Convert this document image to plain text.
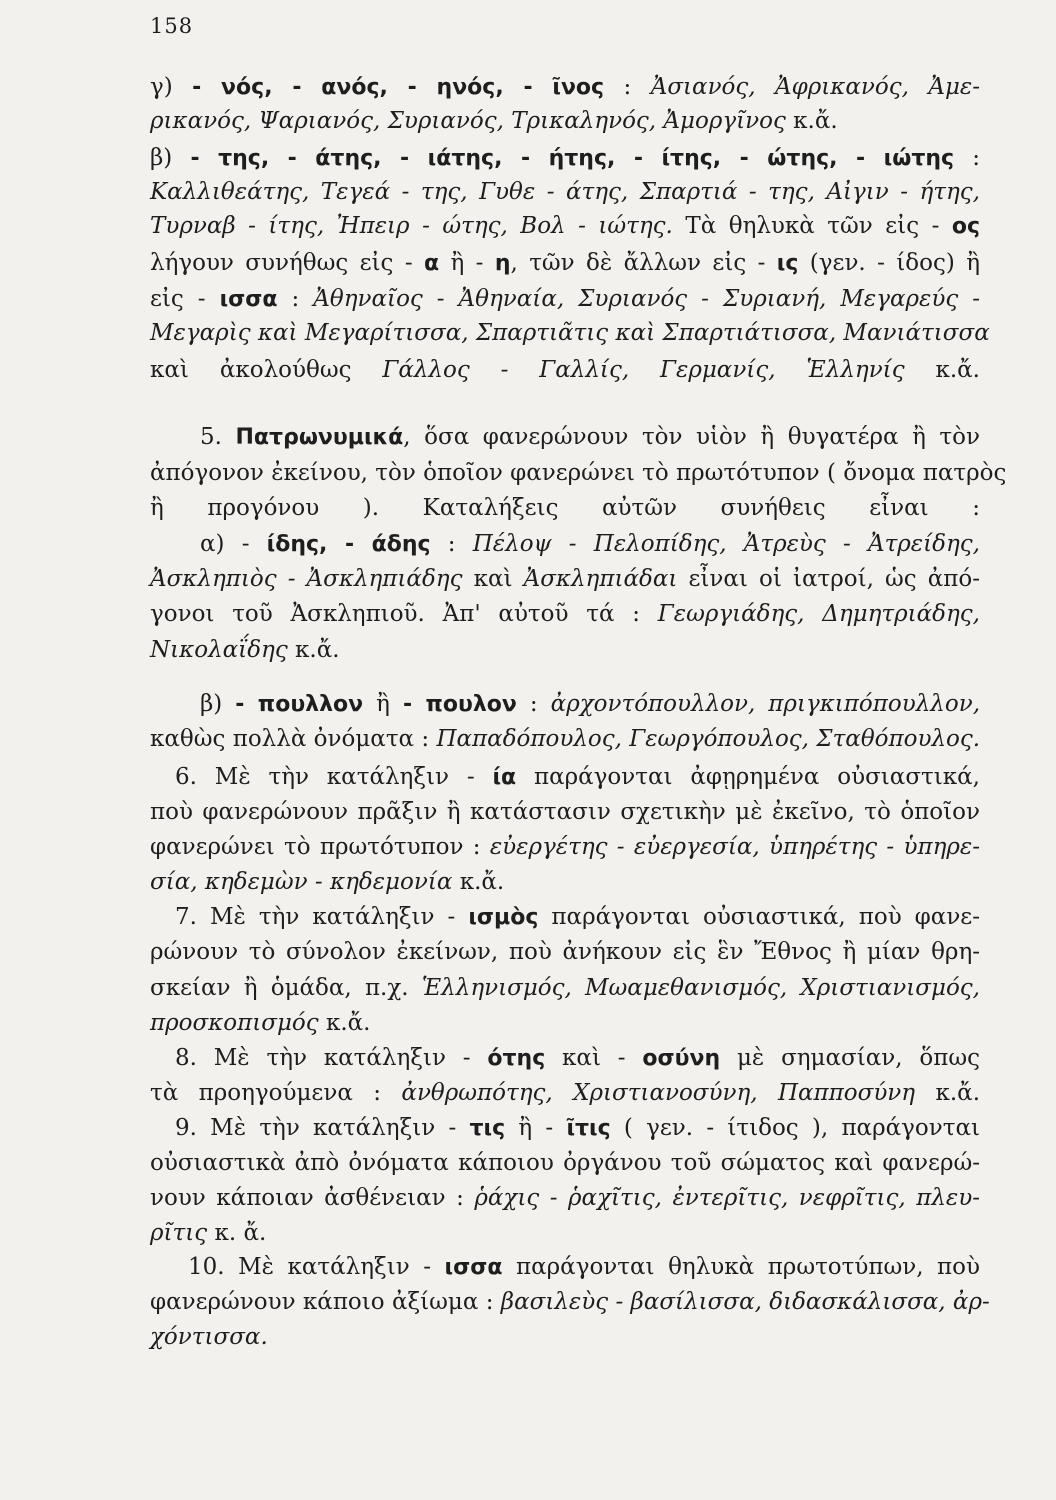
158
γ) - νός, - ανός, - ηνός, - ῖνος : Ἀσιανός, Ἀφρικανός, Ἀμε-
ρικανός, Ψαριανός, Συριανός, Τρικαληνός, Ἀμοργῖνος κ.ἄ.
β) - της, - άτης, - ιάτης, - ήτης, - ίτης, - ώτης, - ιώτης :
Καλλιθεάτης, Τεγεά - της, Γυθε - άτης, Σπαρτιά - της, Αἰγιν - ήτης,
Τυρναβ - ίτης, Ἠπειρ - ώτης, Βολ - ιώτης. Τὰ θηλυκὰ τῶν εἰς - ος
λήγουν συνήθως εἰς - α ἢ - η, τῶν δὲ ἄλλων εἰς - ις (γεν. - ίδος) ἢ
εἰς - ισσα : Ἀθηναῖος - Ἀθηναία, Συριανός - Συριανή, Μεγαρεύς -
Μεγαρὶς καὶ Μεγαρίτισσα, Σπαρτιᾶτις καὶ Σπαρτιάτισσα, Μανιάτισσα
καὶ ἀκολούθως Γάλλος - Γαλλίς, Γερμανίς, Ἑλληνίς κ.ἄ.
5. Πατρωνυμικά, ὅσα φανερώνουν τὸν υἱὸν ἢ θυγατέρα ἢ τὸν
ἀπόγονον ἐκείνου, τὸν ὁποῖον φανερώνει τὸ πρωτότυπον ( ὄνομα πατρὸς
ἢ προγόνου ). Καταλήξεις αὐτῶν συνήθεις εἶναι :
α) - ίδης, - άδης : Πέλοψ - Πελοπίδης, Ἀτρεὺς - Ἀτρείδης,
Ἀσκληπιὸς - Ἀσκληπιάδης καὶ Ἀσκληπιάδαι εἶναι οἱ ἰατροί, ὡς ἀπό-
γονοι τοῦ Ἀσκληπιοῦ. Ἀπ' αὐτοῦ τά : Γεωργιάδης, Δημητριάδης,
Νικολαΐδης κ.ἄ.
β) - πουλλον ἢ - πουλον : ἀρχοντόπουλλον, πριγκιπόπουλλον,
καθὼς πολλὰ ὀνόματα : Παπαδόπουλος, Γεωργόπουλος, Σταθόπουλος.
6. Μὲ τὴν κατάληξιν - ία παράγονται ἀφῃρημένα οὐσιαστικά,
ποὺ φανερώνουν πρᾶξιν ἢ κατάστασιν σχετικὴν μὲ ἐκεῖνο, τὸ ὁποῖον
φανερώνει τὸ πρωτότυπον : εὐεργέτης - εὐεργεσία, ὑπηρέτης - ὑπηρε-
σία, κηδεμὼν - κηδεμονία κ.ἄ.
7. Μὲ τὴν κατάληξιν - ισμὸς παράγονται οὐσιαστικά, ποὺ φανε-
ρώνουν τὸ σύνολον ἐκείνων, ποὺ ἀνήκουν εἰς ἓν Ἔθνος ἢ μίαν θρη-
σκείαν ἢ ὁμάδα, π.χ. Ἑλληνισμός, Μωαμεθανισμός, Χριστιανισμός,
προσκοπισμός κ.ἄ.
8. Μὲ τὴν κατάληξιν - ότης καὶ - οσύνη μὲ σημασίαν, ὅπως
τὰ προηγούμενα : ἀνθρωπότης, Χριστιανοσύνη, Παπποσύνη κ.ἄ.
9. Μὲ τὴν κατάληξιν - τις ἢ - ῖτις ( γεν. - ίτιδος ), παράγονται
οὐσιαστικὰ ἀπὸ ὀνόματα κάποιου ὀργάνου τοῦ σώματος καὶ φανερώ-
νουν κάποιαν ἀσθένειαν : ῥάχις - ῥαχῖτις, ἐντερῖτις, νεφρῖτις, πλευ-
ρῖτις κ. ἄ.
10. Μὲ κατάληξιν - ισσα παράγονται θηλυκὰ πρωτοτύπων, ποὺ
φανερώνουν κάποιο ἀξίωμα : βασιλεὺς - βασίλισσα, διδασκάλισσα, ἀρ-
χόντισσα.
